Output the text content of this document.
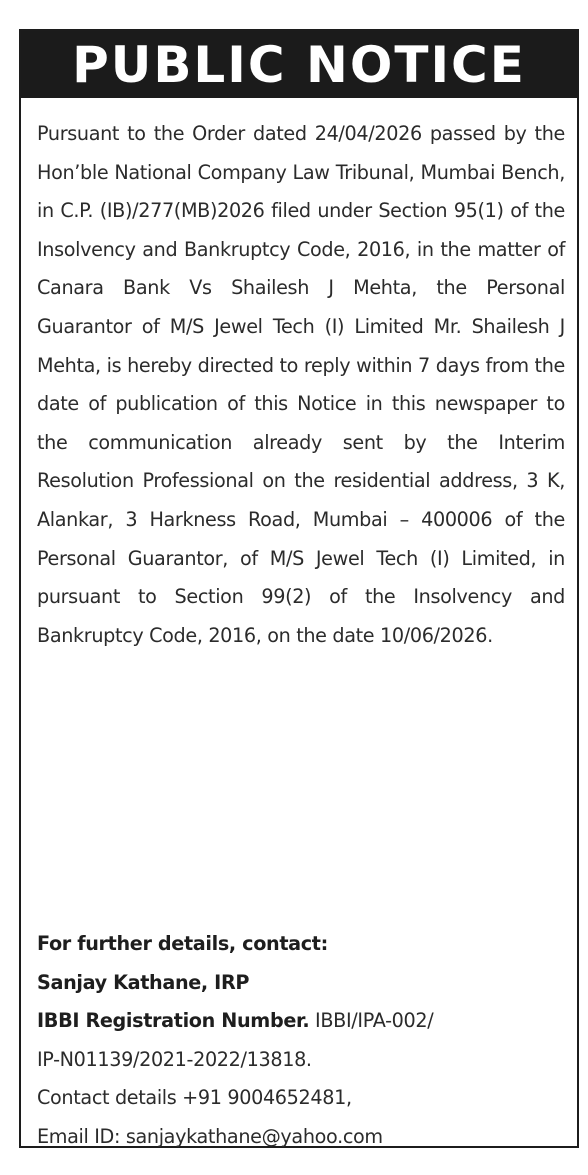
PUBLIC NOTICE
Pursuant to the Order dated 24/04/2026 passed by the Hon’ble National Company Law Tribunal, Mumbai Bench, in C.P. (IB)/277(MB)2026 filed under Section 95(1) of the Insolvency and Bankruptcy Code, 2016, in the matter of Canara Bank Vs Shailesh J Mehta, the Personal Guarantor of M/S Jewel Tech (I) Limited Mr. Shailesh J Mehta, is hereby directed to reply within 7 days from the date of publication of this Notice in this newspaper to the communication already sent by the Interim Resolution Professional on the residential address, 3 K, Alankar, 3 Harkness Road, Mumbai – 400006 of the Personal Guarantor, of M/S Jewel Tech (I) Limited, in pursuant to Section 99(2) of the Insolvency and Bankruptcy Code, 2016, on the date 10/06/2026.
For further details, contact:
Sanjay Kathane, IRP
IBBI Registration Number. IBBI/IPA-002/
IP-N01139/2021-2022/13818.
Contact details +91 9004652481,
Email ID: sanjaykathane@yahoo.com
